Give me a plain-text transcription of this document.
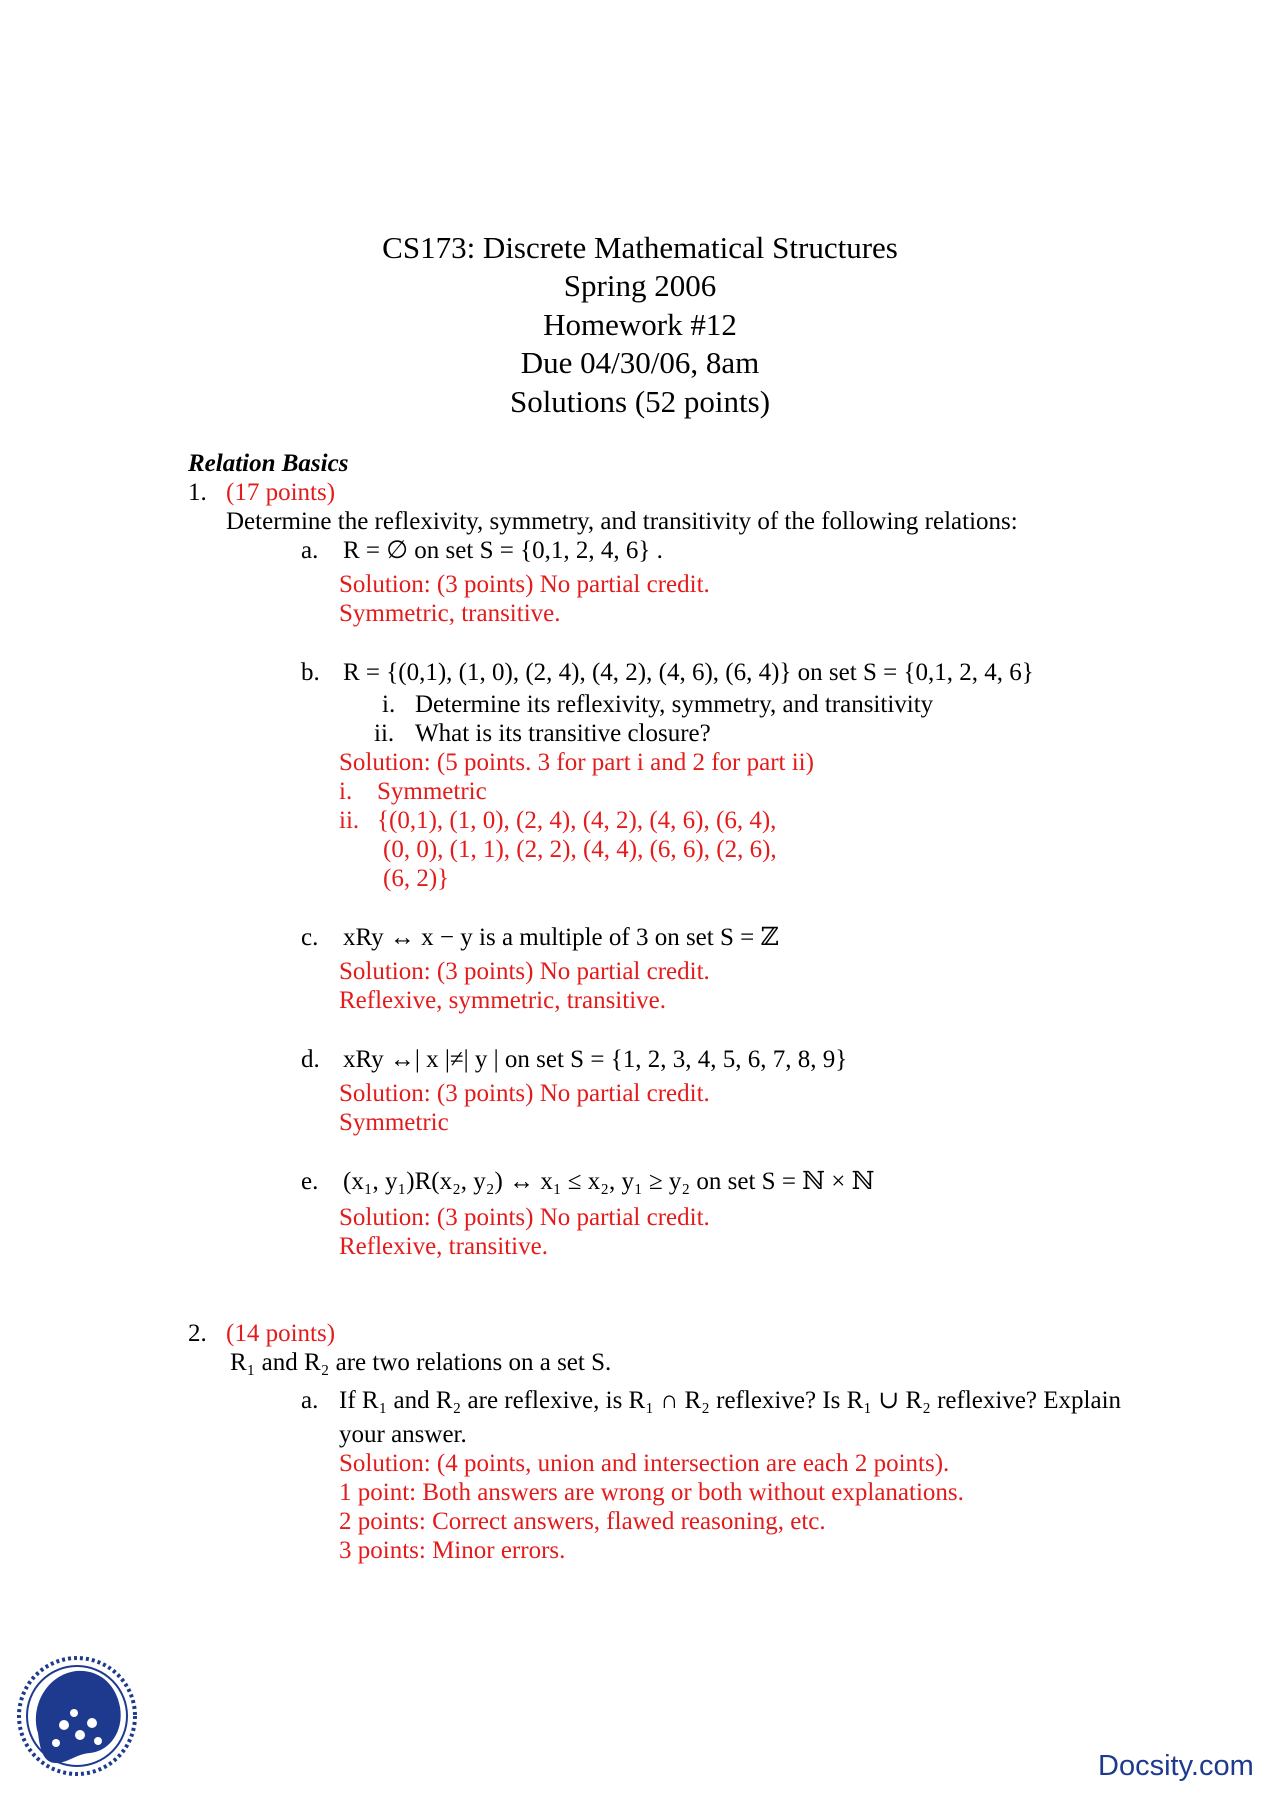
CS173: Discrete Mathematical Structures
Spring 2006
Homework #12
Due 04/30/06, 8am
Solutions (52 points)
Relation Basics
1. (17 points)
Determine the reflexivity, symmetry, and transitivity of the following relations:
a. R = ∅ on set S = {0,1, 2, 4, 6} .
Solution: (3 points) No partial credit.
Symmetric, transitive.
b. R = {(0,1), (1, 0), (2, 4), (4, 2), (4, 6), (6, 4)} on set S = {0,1, 2, 4, 6}
i. Determine its reflexivity, symmetry, and transitivity
ii. What is its transitive closure?
Solution: (5 points. 3 for part i and 2 for part ii)
i. Symmetric
ii. {(0,1), (1, 0), (2, 4), (4, 2), (4, 6), (6, 4),
(0, 0), (1, 1), (2, 2), (4, 4), (6, 6), (2, 6),
(6, 2)}
c. xRy ↔ x − y is a multiple of 3 on set S = ℤ
Solution: (3 points) No partial credit.
Reflexive, symmetric, transitive.
d. xRy ↔| x |≠| y | on set S = {1, 2, 3, 4, 5, 6, 7, 8, 9}
Solution: (3 points) No partial credit.
Symmetric
e. (x₁, y₁)R(x₂, y₂) ↔ x₁ ≤ x₂, y₁ ≥ y₂ on set S = ℕ × ℕ
Solution: (3 points) No partial credit.
Reflexive, transitive.
2. (14 points)
R₁ and R₂ are two relations on a set S.
a. If R₁ and R₂ are reflexive, is R₁ ∩ R₂ reflexive? Is R₁ ∪ R₂ reflexive? Explain
your answer.
Solution: (4 points, union and intersection are each 2 points).
1 point: Both answers are wrong or both without explanations.
2 points: Correct answers, flawed reasoning, etc.
3 points: Minor errors.
Docsity.com
